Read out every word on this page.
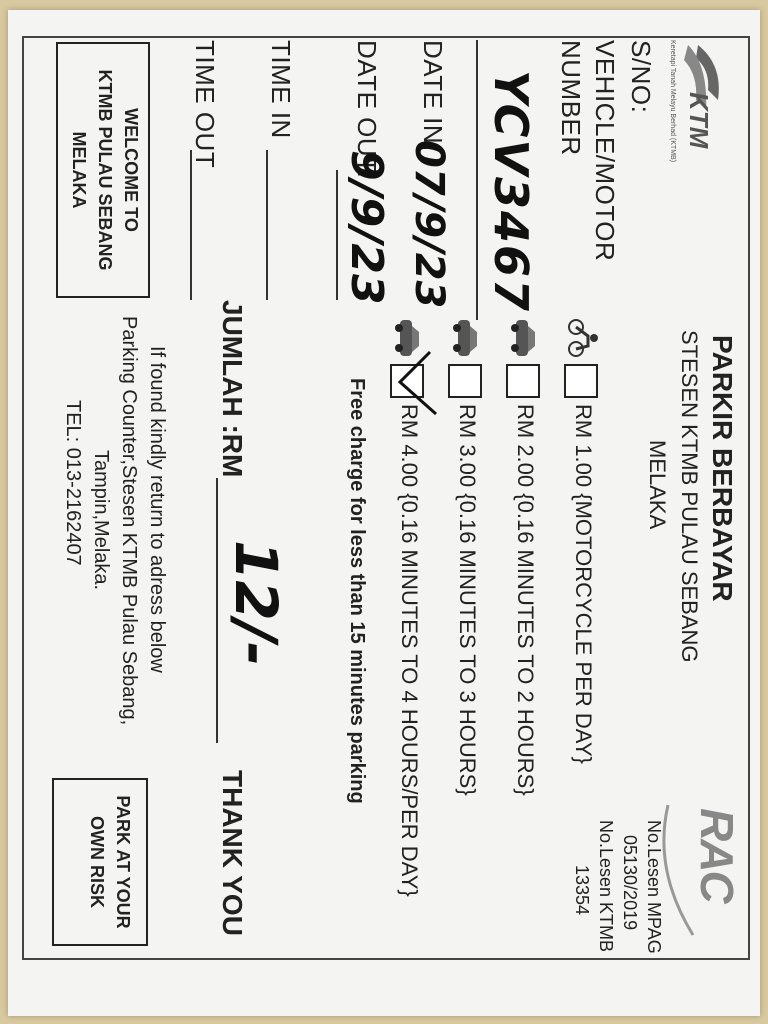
KTM
Keretapi Tanah Melayu Berhad (KTMB)
PARKIR BERBAYAR
STESEN KTMB PULAU SEBANG
MELAKA
No.Lesen MPAG
05130/2019
No.Lesen KTMB
13354 RAC
S/NO:
VEHICLE/MOTOR
NUMBER
YCV3467
DATE IN:
07/9/23
DATE OUT:
9/9/23
TIME IN
TIME OUT
WELCOME TO
KTMB PULAU SEBANG
MELAKA
RM 1.00 {MOTORCYCLE PER DAY}
RM 2.00 {0.16 MINUTES TO 2 HOURS}
RM 3.00 {0.16 MINUTES TO 3 HOURS}
RM 4.00 {0.16 MINUTES TO 4 HOURS/PER DAY}
Free charge for less than 15 minutes parking
JUMLAH :RM
12/-
THANK YOU
If found kindly return to adress below
Parking Counter,Stesen KTMB Pulau Sebang,
Tampin,Melaka.
TEL: 013-2162407
PARK AT YOUR
OWN RISK
